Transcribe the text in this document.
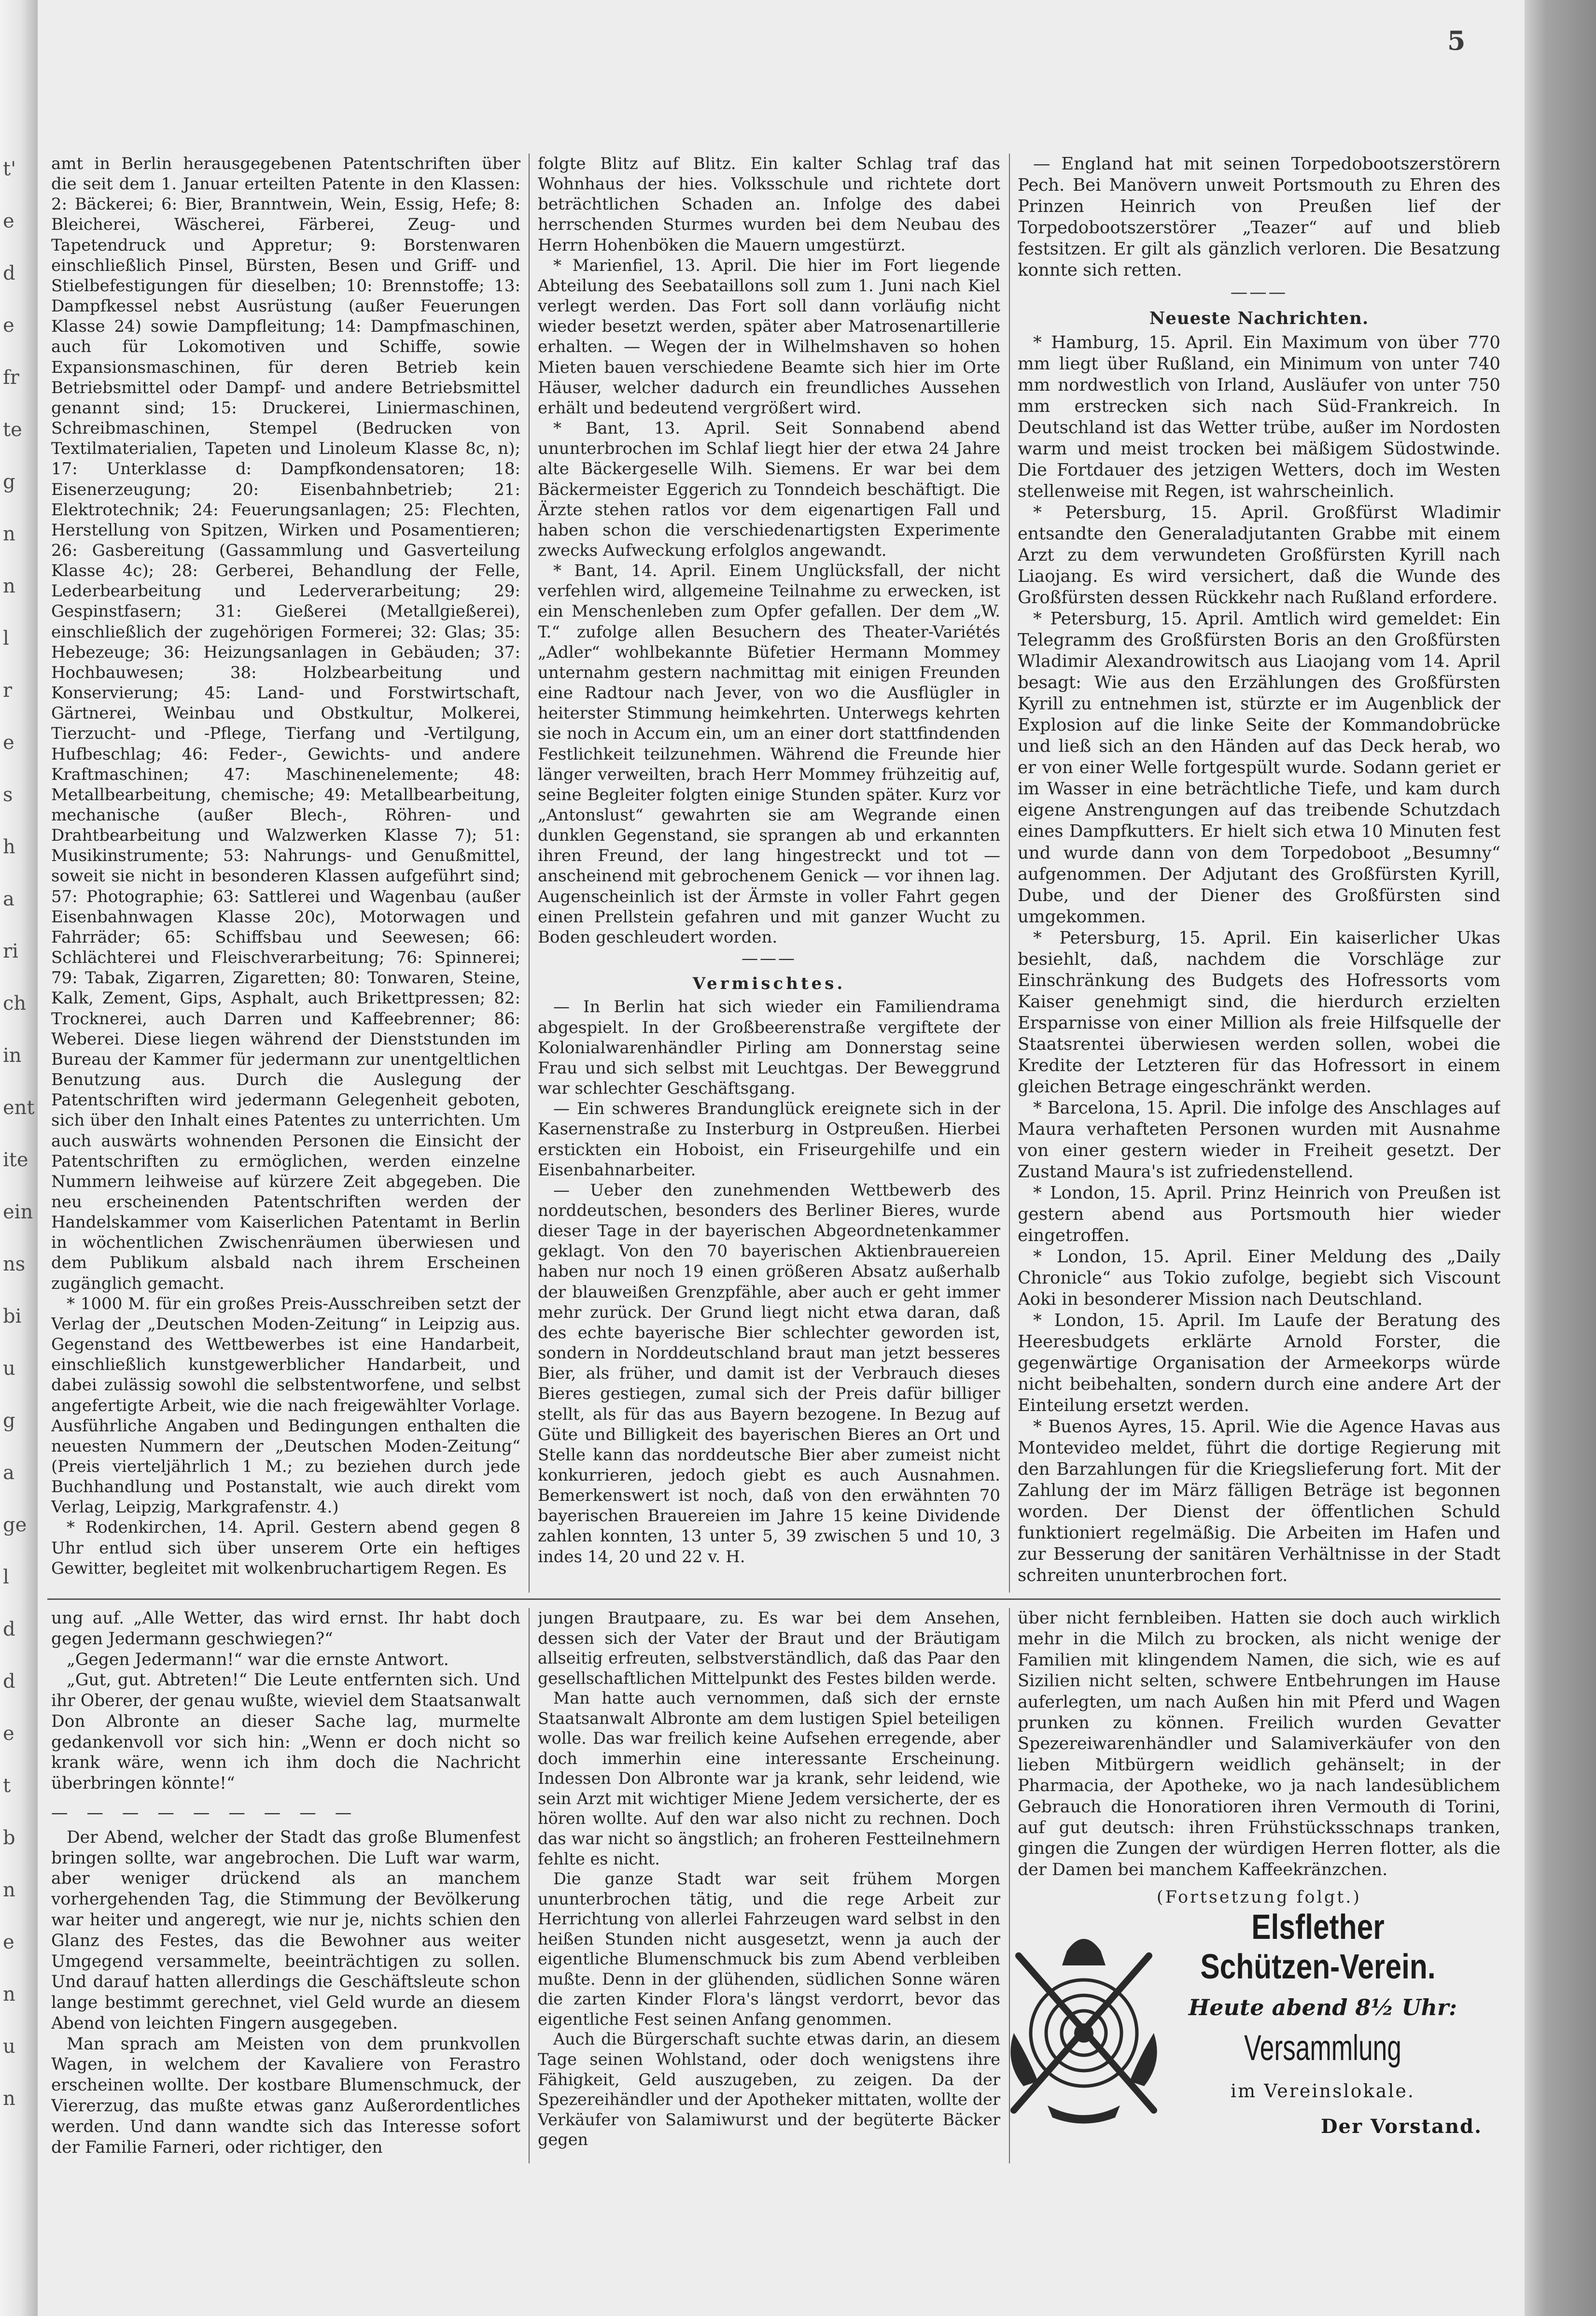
t'
e
d
e
fr
te
g
n
n
l
r
e
s
h
a
ri
ch
in
ent
ite
ein
ns
bi
u
g
a
ge
l
d
d
e
t
b
n
e
n
u
n
5

amt in Berlin herausgegebenen Patentschriften über die seit dem 1. Januar erteilten Patente in den Klassen: 2: Bäckerei; 6: Bier, Branntwein, Wein, Essig, Hefe; 8: Bleicherei, Wäscherei, Färberei, Zeug- und Tapetendruck und Appretur; 9: Borstenwaren einschließlich Pinsel, Bürsten, Besen und Griff- und Stielbefestigungen für dieselben; 10: Brennstoffe; 13: Dampfkessel nebst Ausrüstung (außer Feuerungen Klasse 24) sowie Dampfleitung; 14: Dampfmaschinen, auch für Lokomotiven und Schiffe, sowie Expansionsmaschinen, für deren Betrieb kein Betriebsmittel oder Dampf- und andere Betriebsmittel genannt sind; 15: Druckerei, Liniermaschinen, Schreibmaschinen, Stempel (Bedrucken von Textilmaterialien, Tapeten und Linoleum Klasse 8c, n); 17: Unterklasse d: Dampfkondensatoren; 18: Eisenerzeugung; 20: Eisenbahnbetrieb; 21: Elektrotechnik; 24: Feuerungsanlagen; 25: Flechten, Herstellung von Spitzen, Wirken und Posamentieren; 26: Gasbereitung (Gassammlung und Gasverteilung Klasse 4c); 28: Gerberei, Behandlung der Felle, Lederbearbeitung und Lederverarbeitung; 29: Gespinstfasern; 31: Gießerei (Metallgießerei), einschließlich der zugehörigen Formerei; 32: Glas; 35: Hebezeuge; 36: Heizungsanlagen in Gebäuden; 37: Hochbauwesen; 38: Holzbearbeitung und Konservierung; 45: Land- und Forstwirtschaft, Gärtnerei, Weinbau und Obstkultur, Molkerei, Tierzucht- und -Pflege, Tierfang und -Vertilgung, Hufbeschlag; 46: Feder-, Gewichts- und andere Kraftmaschinen; 47: Maschinenelemente; 48: Metallbearbeitung, chemische; 49: Metallbearbeitung, mechanische (außer Blech-, Röhren- und Drahtbearbeitung und Walzwerken Klasse 7); 51: Musikinstrumente; 53: Nahrungs- und Genußmittel, soweit sie nicht in besonderen Klassen aufgeführt sind; 57: Photographie; 63: Sattlerei und Wagenbau (außer Eisenbahnwagen Klasse 20c), Motorwagen und Fahrräder; 65: Schiffsbau und Seewesen; 66: Schlächterei und Fleischverarbeitung; 76: Spinnerei; 79: Tabak, Zigarren, Zigaretten; 80: Tonwaren, Steine, Kalk, Zement, Gips, Asphalt, auch Brikettpressen; 82: Trocknerei, auch Darren und Kaffeebrenner; 86: Weberei. Diese liegen während der Dienststunden im Bureau der Kammer für jedermann zur unentgeltlichen Benutzung aus. Durch die Auslegung der Patentschriften wird jedermann Gelegenheit geboten, sich über den Inhalt eines Patentes zu unterrichten. Um auch auswärts wohnenden Personen die Einsicht der Patentschriften zu ermöglichen, werden einzelne Nummern leihweise auf kürzere Zeit abgegeben. Die neu erscheinenden Patentschriften werden der Handelskammer vom Kaiserlichen Patentamt in Berlin in wöchentlichen Zwischenräumen überwiesen und dem Publikum alsbald nach ihrem Erscheinen zugänglich gemacht.

* 1000 M. für ein großes Preis-Ausschreiben setzt der Verlag der „Deutschen Moden-Zeitung“ in Leipzig aus. Gegenstand des Wettbewerbes ist eine Handarbeit, einschließlich kunstgewerblicher Handarbeit, und dabei zulässig sowohl die selbstentworfene, und selbst angefertigte Arbeit, wie die nach freigewählter Vorlage. Ausführliche Angaben und Bedingungen enthalten die neuesten Nummern der „Deutschen Moden-Zeitung“ (Preis vierteljährlich 1 M.; zu beziehen durch jede Buchhandlung und Postanstalt, wie auch direkt vom Verlag, Leipzig, Markgrafenstr. 4.)

* Rodenkirchen, 14. April. Gestern abend gegen 8 Uhr entlud sich über unserem Orte ein heftiges Gewitter, begleitet mit wolkenbruchartigem Regen. Es

folgte Blitz auf Blitz. Ein kalter Schlag traf das Wohnhaus der hies. Volksschule und richtete dort beträchtlichen Schaden an. Infolge des dabei herrschenden Sturmes wurden bei dem Neubau des Herrn Hohenböken die Mauern umgestürzt.

* Marienfiel, 13. April. Die hier im Fort liegende Abteilung des Seebataillons soll zum 1. Juni nach Kiel verlegt werden. Das Fort soll dann vorläufig nicht wieder besetzt werden, später aber Matrosenartillerie erhalten. — Wegen der in Wilhelmshaven so hohen Mieten bauen verschiedene Beamte sich hier im Orte Häuser, welcher dadurch ein freundliches Aussehen erhält und bedeutend vergrößert wird.

* Bant, 13. April. Seit Sonnabend abend ununterbrochen im Schlaf liegt hier der etwa 24 Jahre alte Bäckergeselle Wilh. Siemens. Er war bei dem Bäckermeister Eggerich zu Tonndeich beschäftigt. Die Ärzte stehen ratlos vor dem eigenartigen Fall und haben schon die verschiedenartigsten Experimente zwecks Aufweckung erfolglos angewandt.

* Bant, 14. April. Einem Unglücksfall, der nicht verfehlen wird, allgemeine Teilnahme zu erwecken, ist ein Menschenleben zum Opfer gefallen. Der dem „W. T.“ zufolge allen Besuchern des Theater-Variétés „Adler“ wohlbekannte Büfetier Hermann Mommey unternahm gestern nachmittag mit einigen Freunden eine Radtour nach Jever, von wo die Ausflügler in heiterster Stimmung heimkehrten. Unterwegs kehrten sie noch in Accum ein, um an einer dort stattfindenden Festlichkeit teilzunehmen. Während die Freunde hier länger verweilten, brach Herr Mommey frühzeitig auf, seine Begleiter folgten einige Stunden später. Kurz vor „Antonslust“ gewahrten sie am Wegrande einen dunklen Gegenstand, sie sprangen ab und erkannten ihren Freund, der lang hingestreckt und tot — anscheinend mit gebrochenem Genick — vor ihnen lag. Augenscheinlich ist der Ärmste in voller Fahrt gegen einen Prellstein gefahren und mit ganzer Wucht zu Boden geschleudert worden.

———

Vermischtes.

— In Berlin hat sich wieder ein Familiendrama abgespielt. In der Großbeerenstraße vergiftete der Kolonialwarenhändler Pirling am Donnerstag seine Frau und sich selbst mit Leuchtgas. Der Beweggrund war schlechter Geschäftsgang.

— Ein schweres Brandunglück ereignete sich in der Kasernenstraße zu Insterburg in Ostpreußen. Hierbei erstickten ein Hoboist, ein Friseurgehilfe und ein Eisenbahnarbeiter.

— Ueber den zunehmenden Wettbewerb des norddeutschen, besonders des Berliner Bieres, wurde dieser Tage in der bayerischen Abgeordnetenkammer geklagt. Von den 70 bayerischen Aktienbrauereien haben nur noch 19 einen größeren Absatz außerhalb der blauweißen Grenzpfähle, aber auch er geht immer mehr zurück. Der Grund liegt nicht etwa daran, daß des echte bayerische Bier schlechter geworden ist, sondern in Norddeutschland braut man jetzt besseres Bier, als früher, und damit ist der Verbrauch dieses Bieres gestiegen, zumal sich der Preis dafür billiger stellt, als für das aus Bayern bezogene. In Bezug auf Güte und Billigkeit des bayerischen Bieres an Ort und Stelle kann das norddeutsche Bier aber zumeist nicht konkurrieren, jedoch giebt es auch Ausnahmen. Bemerkenswert ist noch, daß von den erwähnten 70 bayerischen Brauereien im Jahre 15 keine Dividende zahlen konnten, 13 unter 5, 39 zwischen 5 und 10, 3 indes 14, 20 und 22 v. H.

— England hat mit seinen Torpedobootszerstörern Pech. Bei Manövern unweit Portsmouth zu Ehren des Prinzen Heinrich von Preußen lief der Torpedobootszerstörer „Teazer“ auf und blieb festsitzen. Er gilt als gänzlich verloren. Die Besatzung konnte sich retten.

———

Neueste Nachrichten.

* Hamburg, 15. April. Ein Maximum von über 770 mm liegt über Rußland, ein Minimum von unter 740 mm nordwestlich von Irland, Ausläufer von unter 750 mm erstrecken sich nach Süd-Frankreich. In Deutschland ist das Wetter trübe, außer im Nordosten warm und meist trocken bei mäßigem Südostwinde. Die Fortdauer des jetzigen Wetters, doch im Westen stellenweise mit Regen, ist wahrscheinlich.

* Petersburg, 15. April. Großfürst Wladimir entsandte den Generaladjutanten Grabbe mit einem Arzt zu dem verwundeten Großfürsten Kyrill nach Liaojang. Es wird versichert, daß die Wunde des Großfürsten dessen Rückkehr nach Rußland erfordere.

* Petersburg, 15. April. Amtlich wird gemeldet: Ein Telegramm des Großfürsten Boris an den Großfürsten Wladimir Alexandrowitsch aus Liaojang vom 14. April besagt: Wie aus den Erzählungen des Großfürsten Kyrill zu entnehmen ist, stürzte er im Augenblick der Explosion auf die linke Seite der Kommandobrücke und ließ sich an den Händen auf das Deck herab, wo er von einer Welle fortgespült wurde. Sodann geriet er im Wasser in eine beträchtliche Tiefe, und kam durch eigene Anstrengungen auf das treibende Schutzdach eines Dampfkutters. Er hielt sich etwa 10 Minuten fest und wurde dann von dem Torpedoboot „Besumny“ aufgenommen. Der Adjutant des Großfürsten Kyrill, Dube, und der Diener des Großfürsten sind umgekommen.

* Petersburg, 15. April. Ein kaiserlicher Ukas besiehlt, daß, nachdem die Vorschläge zur Einschränkung des Budgets des Hofressorts vom Kaiser genehmigt sind, die hierdurch erzielten Ersparnisse von einer Million als freie Hilfsquelle der Staatsrentei überwiesen werden sollen, wobei die Kredite der Letzteren für das Hofressort in einem gleichen Betrage eingeschränkt werden.

* Barcelona, 15. April. Die infolge des Anschlages auf Maura verhafteten Personen wurden mit Ausnahme von einer gestern wieder in Freiheit gesetzt. Der Zustand Maura's ist zufriedenstellend.

* London, 15. April. Prinz Heinrich von Preußen ist gestern abend aus Portsmouth hier wieder eingetroffen.

* London, 15. April. Einer Meldung des „Daily Chronicle“ aus Tokio zufolge, begiebt sich Viscount Aoki in besonderer Mission nach Deutschland.

* London, 15. April. Im Laufe der Beratung des Heeresbudgets erklärte Arnold Forster, die gegenwärtige Organisation der Armeekorps würde nicht beibehalten, sondern durch eine andere Art der Einteilung ersetzt werden.

* Buenos Ayres, 15. April. Wie die Agence Havas aus Montevideo meldet, führt die dortige Regierung mit den Barzahlungen für die Kriegslieferung fort. Mit der Zahlung der im März fälligen Beträge ist begonnen worden. Der Dienst der öffentlichen Schuld funktioniert regelmäßig. Die Arbeiten im Hafen und zur Besserung der sanitären Verhältnisse in der Stadt schreiten ununterbrochen fort.

ung auf. „Alle Wetter, das wird ernst. Ihr habt doch gegen Jedermann geschwiegen?“

„Gegen Jedermann!“ war die ernste Antwort.

„Gut, gut. Abtreten!“ Die Leute entfernten sich. Und ihr Oberer, der genau wußte, wieviel dem Staatsanwalt Don Albronte an dieser Sache lag, murmelte gedankenvoll vor sich hin: „Wenn er doch nicht so krank wäre, wenn ich ihm doch die Nachricht überbringen könnte!“

— — — — — — — — —

Der Abend, welcher der Stadt das große Blumenfest bringen sollte, war angebrochen. Die Luft war warm, aber weniger drückend als an manchem vorhergehenden Tag, die Stimmung der Bevölkerung war heiter und angeregt, wie nur je, nichts schien den Glanz des Festes, das die Bewohner aus weiter Umgegend versammelte, beeinträchtigen zu sollen. Und darauf hatten allerdings die Geschäftsleute schon lange bestimmt gerechnet, viel Geld wurde an diesem Abend von leichten Fingern ausgegeben.

Man sprach am Meisten von dem prunkvollen Wagen, in welchem der Kavaliere von Ferastro erscheinen wollte. Der kostbare Blumenschmuck, der Viererzug, das mußte etwas ganz Außerordentliches werden. Und dann wandte sich das Interesse sofort der Familie Farneri, oder richtiger, den

jungen Brautpaare, zu. Es war bei dem Ansehen, dessen sich der Vater der Braut und der Bräutigam allseitig erfreuten, selbstverständlich, daß das Paar den gesellschaftlichen Mittelpunkt des Festes bilden werde.

Man hatte auch vernommen, daß sich der ernste Staatsanwalt Albronte am dem lustigen Spiel beteiligen wolle. Das war freilich keine Aufsehen erregende, aber doch immerhin eine interessante Erscheinung. Indessen Don Albronte war ja krank, sehr leidend, wie sein Arzt mit wichtiger Miene Jedem versicherte, der es hören wollte. Auf den war also nicht zu rechnen. Doch das war nicht so ängstlich; an froheren Festteilnehmern fehlte es nicht.

Die ganze Stadt war seit frühem Morgen ununterbrochen tätig, und die rege Arbeit zur Herrichtung von allerlei Fahrzeugen ward selbst in den heißen Stunden nicht ausgesetzt, wenn ja auch der eigentliche Blumenschmuck bis zum Abend verbleiben mußte. Denn in der glühenden, südlichen Sonne wären die zarten Kinder Flora's längst verdorrt, bevor das eigentliche Fest seinen Anfang genommen.

Auch die Bürgerschaft suchte etwas darin, an diesem Tage seinen Wohlstand, oder doch wenigstens ihre Fähigkeit, Geld auszugeben, zu zeigen. Da der Spezereihändler und der Apotheker mittaten, wollte der Verkäufer von Salamiwurst und der begüterte Bäcker gegen

über nicht fernbleiben. Hatten sie doch auch wirklich mehr in die Milch zu brocken, als nicht wenige der Familien mit klingendem Namen, die sich, wie es auf Sizilien nicht selten, schwere Entbehrungen im Hause auferlegten, um nach Außen hin mit Pferd und Wagen prunken zu können. Freilich wurden Gevatter Spezereiwarenhändler und Salamiverkäufer von den lieben Mitbürgern weidlich gehänselt; in der Pharmacia, der Apotheke, wo ja nach landesüblichem Gebrauch die Honoratioren ihren Vermouth di Torini, auf gut deutsch: ihren Frühstücksschnaps tranken, gingen die Zungen der würdigen Herren flotter, als die der Damen bei manchem Kaffeekränzchen.

(Fortsetzung folgt.)

Elsflether
Schützen-Verein.
Heute abend 8½ Uhr:
Versammlung
im Vereinslokale.
Der Vorstand.
